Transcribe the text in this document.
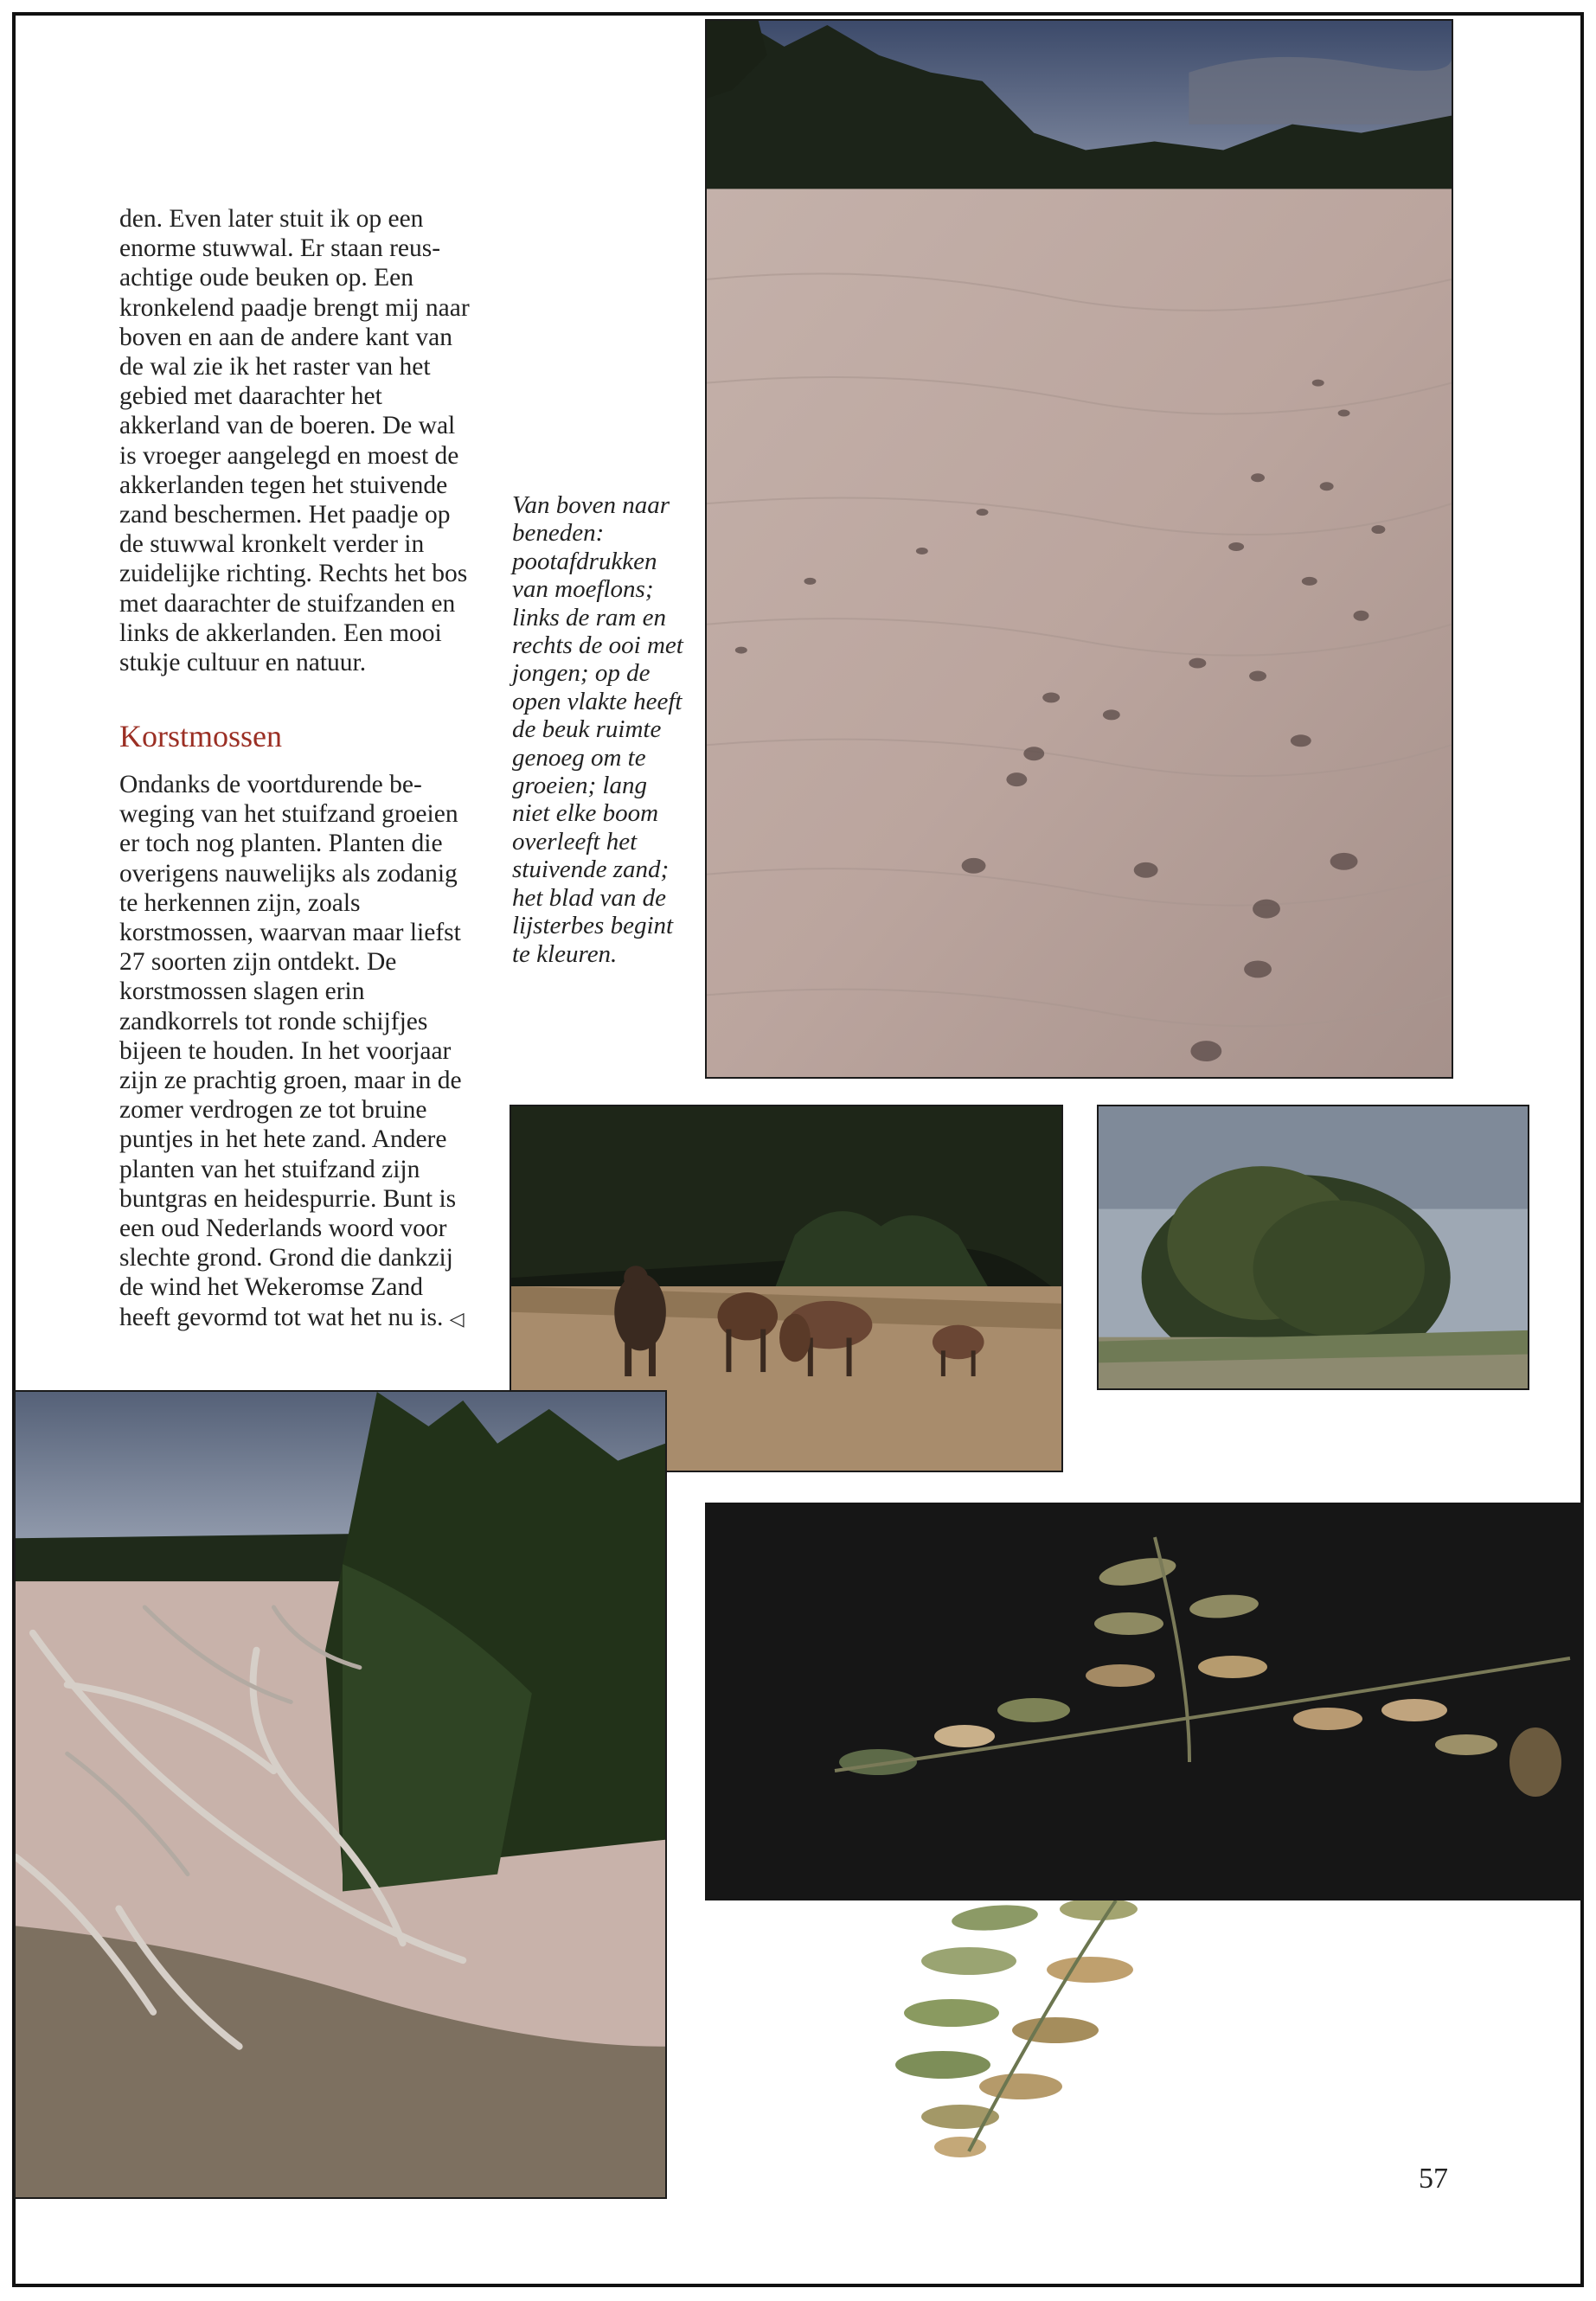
den. Even later stuit ik op een enorme stuwwal. Er staan reusachtige oude beuken op. Een kronkelend paadje brengt mij naar boven en aan de andere kant van de wal zie ik het raster van het gebied met daarachter het akkerland van de boeren. De wal is vroeger aangelegd en moest de akkerlanden tegen het stuivende zand beschermen. Het paadje op de stuwwal kronkelt verder in zuidelijke richting. Rechts het bos met daarachter de stuifzanden en links de akkerlanden. Een mooi stukje cultuur en natuur.

Korstmossen

Ondanks de voortdurende beweging van het stuifzand groeien er toch nog planten. Planten die overigens nauwelijks als zodanig te herkennen zijn, zoals korstmossen, waarvan maar liefst 27 soorten zijn ontdekt. De korstmossen slagen erin zandkorrels tot ronde schijfjes bijeen te houden. In het voorjaar zijn ze prachtig groen, maar in de zomer verdrogen ze tot bruine puntjes in het hete zand. Andere planten van het stuifzand zijn buntgras en heidespurrie. Bunt is een oud Nederlands woord voor slechte grond. Grond die dankzij de wind het Wekeromse Zand heeft gevormd tot wat het nu is. ◁

Van boven naar beneden: pootafdrukken van moeflons; links de ram en rechts de ooi met jongen; op de open vlakte heeft de beuk ruimte genoeg om te groeien; lang niet elke boom overleeft het stuivende zand; het blad van de lijsterbes begint te kleuren.
57
